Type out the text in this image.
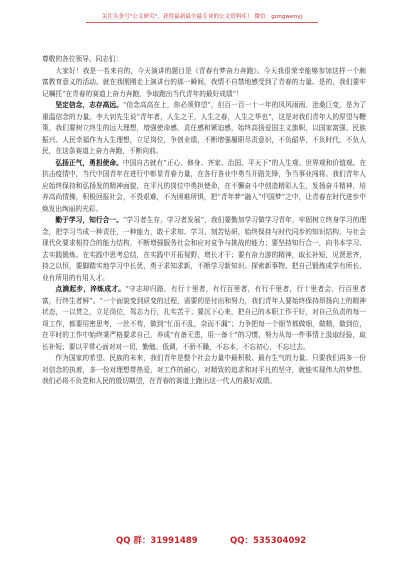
关注头条号"公文研究"，获得最新最全最专业的公文资料库！ 微信：gongwenyj

尊敬的各位领导、同志们：

大家好！我是一名来自的，今天演讲的题目是《青春有梦奋力奔跑》。今天我很荣幸能够参加这样一个颇富教育意义的活动。就在我刚刚走上演讲台的那一瞬间，我情不自禁地感受到了青春的力量。是的，我们要牢记嘱托“在青春的赛道上奋力奔跑，争取跑出当代青年的最好成绩”！

坚定信念，志存高远。“信念高高在上，你必须仰望”，但百一百一十一年的风风雨雨、沧桑巨变，是为了重温信念的力量。李大钊先生说“青年者，人生之王，人生之春，人生之华也”，这是对我们青年人的厚望与鞭策，我们要树立终生的远大理想，增强使命感、责任感和紧迫感，始终高扬爱国主义旗帜，以国家富强、民族振兴、人民幸福作为人生理想，立足岗位，争创业绩，不断增强履职尽责意识，不负韶华，不负时代，不负人民，在这条赛道上奋力奔跑，不断向前。

弘扬正气，勇担使命。中国自古就有“正心、修身、齐家、治国、平天下”的人生观、世界观和价值观。在抗击疫情中，当代中国青年在进行中彰显青春力量，在各行各业中勇当开路先锋，争当事业闯将。我们青年人应始终保持和弘扬发的精神面貌，在平凡的岗位中勇担使命，在不懈奋斗中创造精彩人生，发扬奋斗精神，培养高尚情操，积极回报社会，不畏艰难，不为困难所惧，把“青年梦”融入“中国梦”之中，让青春在时代进步中焕发出绚丽的光彩。

勤于学习，知行合一。“学习者生存，学习者发展”，我们要勤加学习做学习青年，牢固树立终身学习的理念，把学习当成一种责任，一种能力，敢于求知、学习、刻苦钻研，始终保持与时代同步的知识结构，与社会现代化要求相符合的能力结构，不断增强服务社会和应对竞争与挑战的能力；要坚持知行合一，向书本学习、去实践锻炼、在实践中思考总结，在实践中开拓视野，增长才干；要有奋力游的精神，取长补短，见贤思齐，持之以恒，要脚踏实地学习中长优，勇于求知求新，不断学习新知识、探索新事物、把自己锻炼成学有所长、业有所用的有用人才。

点滴起步，淬炼成才。“守志却归路，有行十里者，有行百里者，有行千里者，行十里者会，行百里者富，行终生者鲜”。“一个面貌变到质变的过程，需要的是付出和努力，我们青年人要始终保持昂扬向上的精神状态，一以贯之，立足岗位，驾志力行，扎实苦干；要沉下心来，把自己的本职工作干好，对自己负责的每一项工作，都要用密思考，一丝不苟，做到“忙而不乱，杂而不漏”；力争把每一个细节都做细，做精，做到位，在平时的工作中始终秉严格要求自己，养成“有备无患，用一备十”的习惯，努力从每一件事情上汲取经验，取长补短；要以平常心面对对一切，勤勉、低调，不骄不躁，不忘本，不忘初心，不忘过去。

作为国家的希望、民族的未来，我们青年是整个社会力量中最积极、最有生气的力量。只要我们再多一份对信念的执着，多一份对理想带热爱，对工作的耐心，对精致的追求和对平凡的坚守，就能实现伟大的梦想。我们必将不负党和人民的殷切期望，在青春的赛道上跑出这一代人的最好成绩。

QQ 群：31991489	QQ：535304092
